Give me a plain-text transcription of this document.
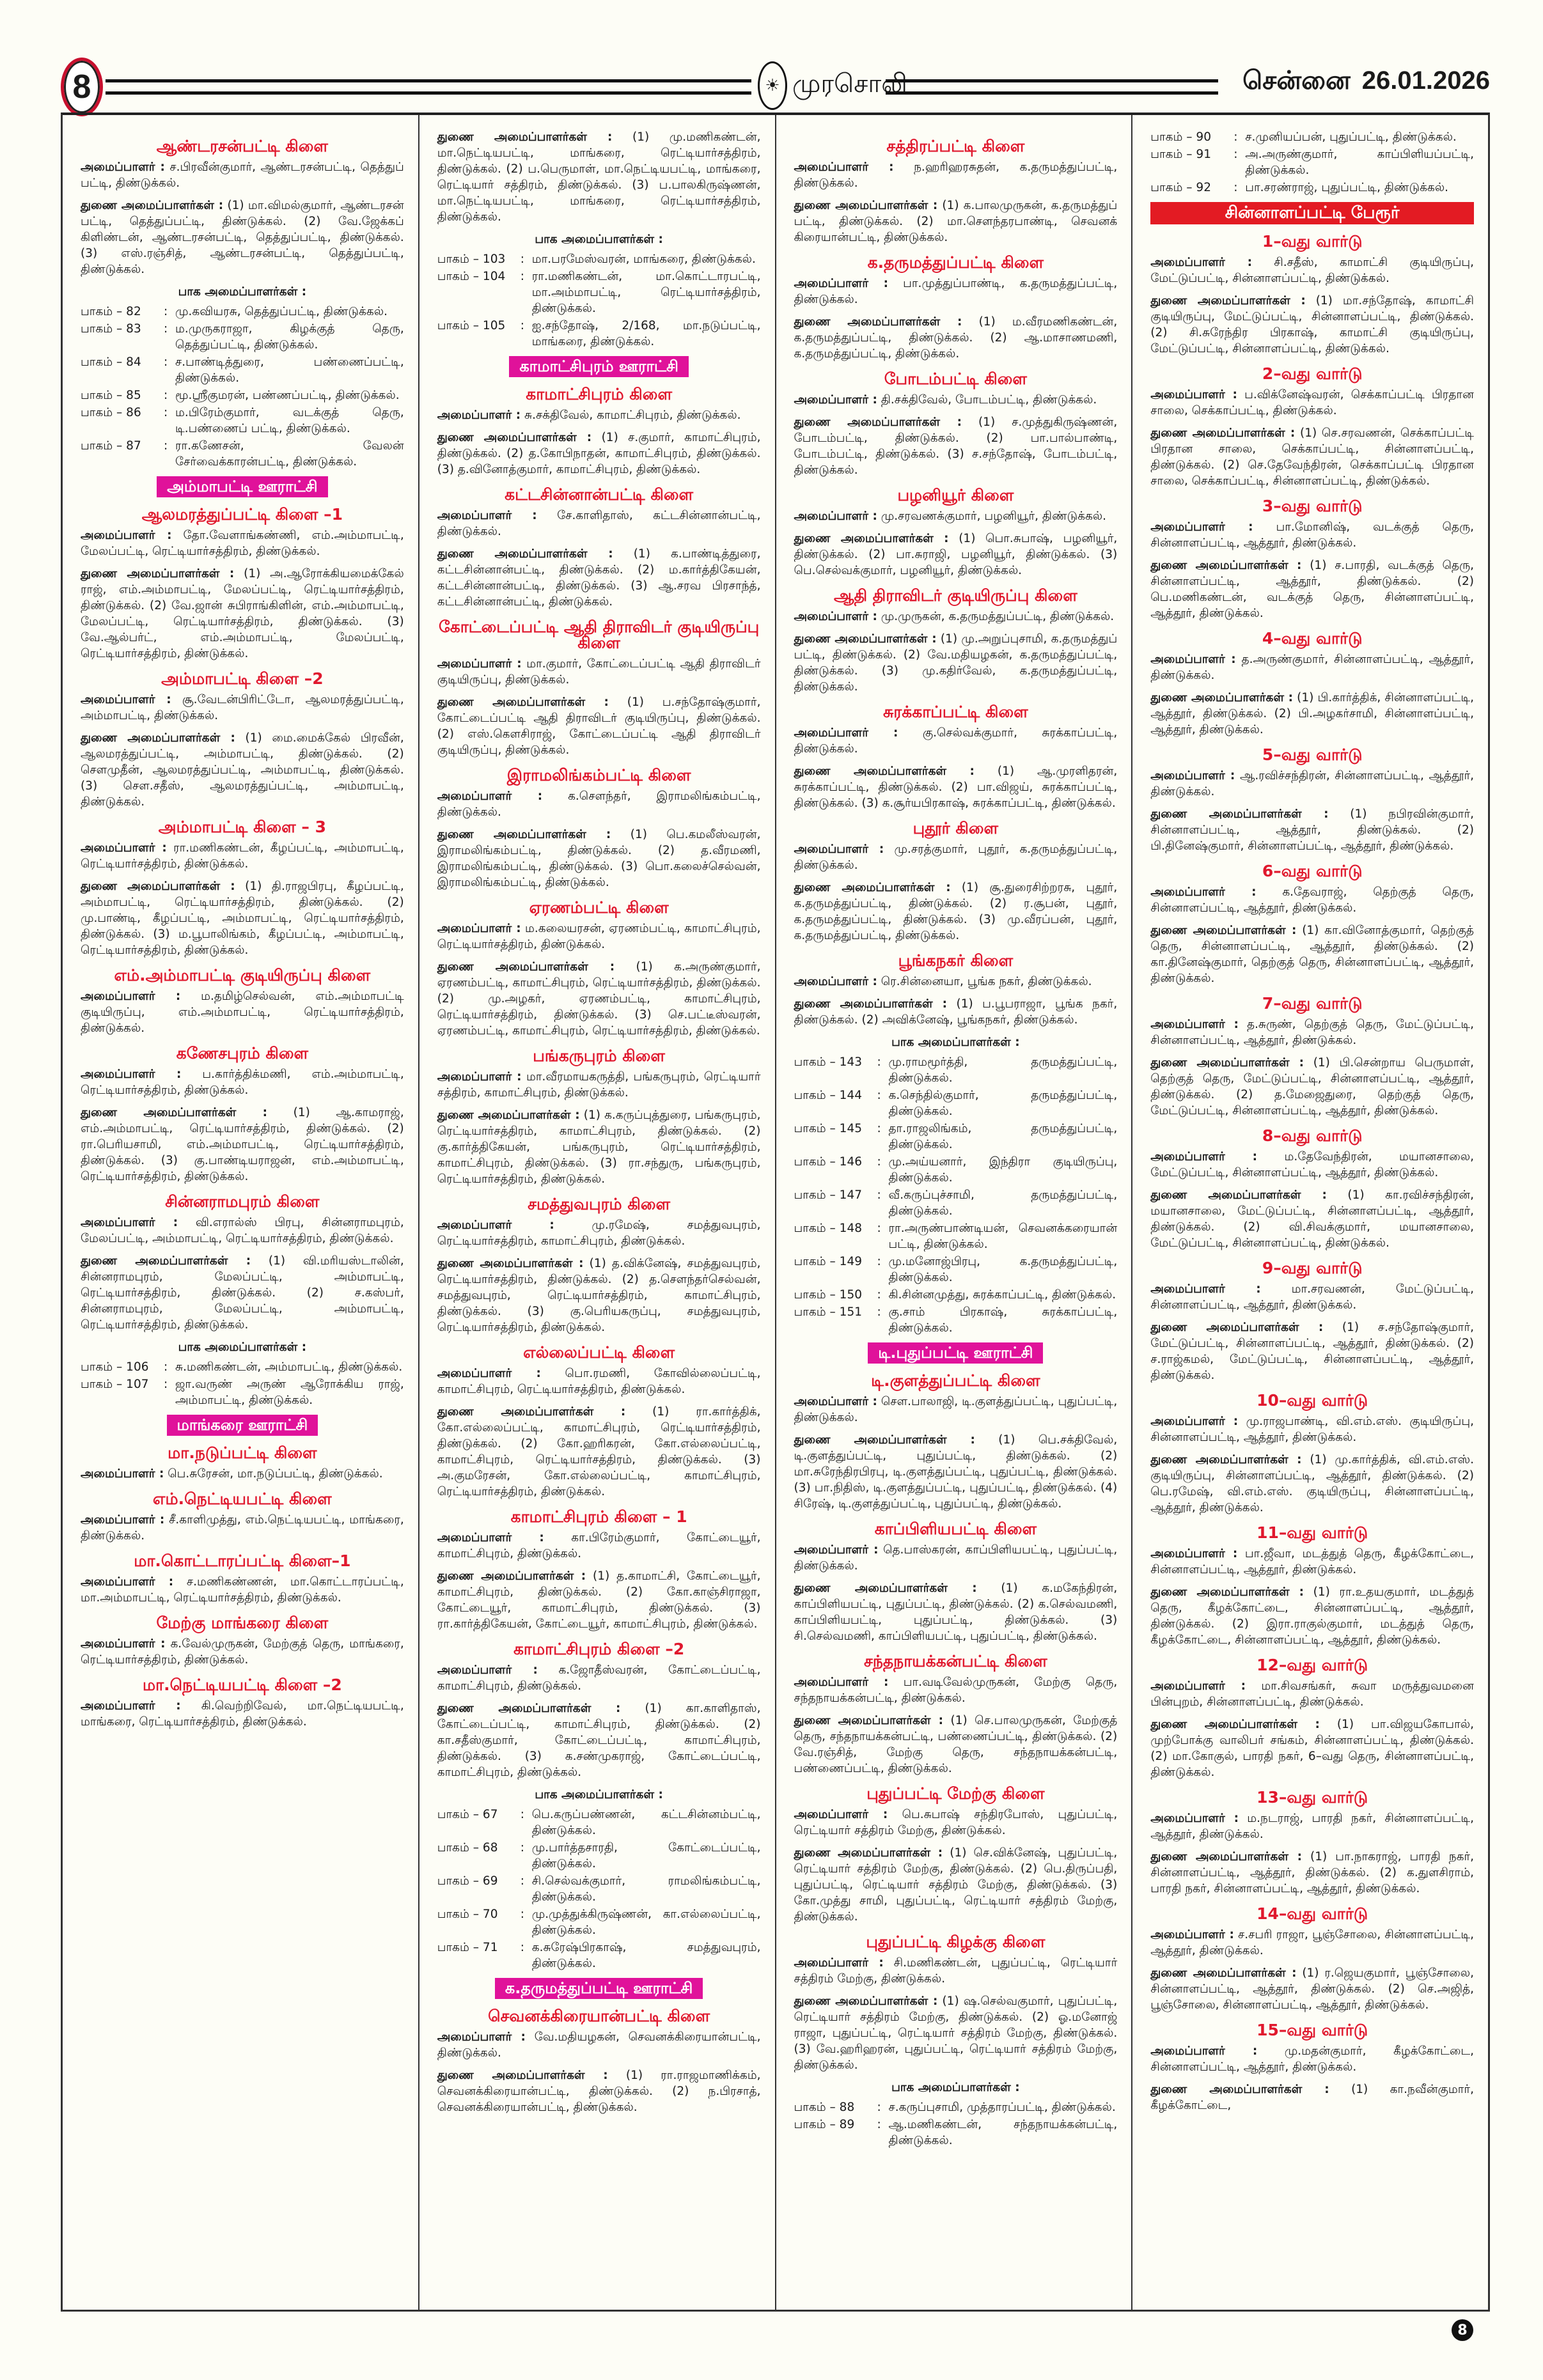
8	☀ முரசொலி	சென்னை 26.01.2026
ஆண்டரசன்பட்டி கிளை
அமைப்பாளர் : ச.பிரவீன்குமார், ஆண்டரசன்பட்டி, தெத்துப் பட்டி, திண்டுக்கல்.
துணை அமைப்பாளர்கள் : (1) மா.விமல்குமார், ஆண்டரசன் பட்டி, தெத்துப்பட்டி, திண்டுக்கல். (2) வே.ஜேக்கப் கிளிண்டன், ஆண்டரசன்பட்டி, தெத்துப்பட்டி, திண்டுக்கல். (3) எஸ்.ரஞ்சித், ஆண்டரசன்பட்டி, தெத்துப்பட்டி, திண்டுக்கல்.
பாக அமைப்பாளர்கள் :
பாகம் – 82	: மு.கவியரசு, தெத்துப்பட்டி, திண்டுக்கல்.
பாகம் – 83	: ம.முருகராஜா, கிழக்குத் தெரு, தெத்துப்பட்டி, திண்டுக்கல்.
பாகம் – 84	: ச.பாண்டித்துரை, பண்ணைப்பட்டி, திண்டுக்கல்.
பாகம் – 85	: மூ.ஸ்ரீகுமரன், பண்ணப்பட்டி, திண்டுக்கல்.
பாகம் – 86	: ம.பிரேம்குமார், வடக்குத் தெரு, டி.பண்ணைப் பட்டி, திண்டுக்கல்.
பாகம் – 87	: ரா.கணேசன், வேலன் சேர்வைக்காரன்பட்டி, திண்டுக்கல்.
அம்மாபட்டி ஊராட்சி
ஆலமரத்துப்பட்டி கிளை –1
அமைப்பாளர் : தோ.வேளாங்கண்ணி, எம்.அம்மாபட்டி, மேலப்பட்டி, ரெட்டியார்சத்திரம், திண்டுக்கல்.
துணை அமைப்பாளர்கள் : (1) அ.ஆரோக்கியமைக்கேல் ராஜ், எம்.அம்மாபட்டி, மேலப்பட்டி, ரெட்டியார்சத்திரம், திண்டுக்கல். (2) வே.ஜான் சுபிராங்கிளின், எம்.அம்மாபட்டி, மேலப்பட்டி, ரெட்டியார்சத்திரம், திண்டுக்கல். (3) வே.ஆல்பர்ட், எம்.அம்மாபட்டி, மேலப்பட்டி, ரெட்டியார்சத்திரம், திண்டுக்கல்.
அம்மாபட்டி கிளை –2
அமைப்பாளர் : சூ.வேடன்பிரிட்டோ, ஆலமரத்துப்பட்டி, அம்மாபட்டி, திண்டுக்கல்.
துணை அமைப்பாளர்கள் : (1) மை.மைக்கேல் பிரவீன், ஆலமரத்துப்பட்டி, அம்மாபட்டி, திண்டுக்கல். (2) சௌமுதீன், ஆலமரத்துப்பட்டி, அம்மாபட்டி, திண்டுக்கல். (3) சௌ.சதீஸ், ஆலமரத்துப்பட்டி, அம்மாபட்டி, திண்டுக்கல்.
அம்மாபட்டி கிளை – 3
அமைப்பாளர் : ரா.மணிகண்டன், கீழப்பட்டி, அம்மாபட்டி, ரெட்டியார்சத்திரம், திண்டுக்கல்.
துணை அமைப்பாளர்கள் : (1) தி.ராஜபிரபு, கீழப்பட்டி, அம்மாபட்டி, ரெட்டியார்சத்திரம், திண்டுக்கல். (2) மு.பாண்டி, கீழப்பட்டி, அம்மாபட்டி, ரெட்டியார்சத்திரம், திண்டுக்கல். (3) ம.பூபாலிங்கம், கீழப்பட்டி, அம்மாபட்டி, ரெட்டியார்சத்திரம், திண்டுக்கல்.
எம்.அம்மாபட்டி குடியிருப்பு கிளை
அமைப்பாளர் : ம.தமிழ்செல்வன், எம்.அம்மாபட்டி குடியிருப்பு, எம்.அம்மாபட்டி, ரெட்டியார்சத்திரம், திண்டுக்கல்.
கணேசபுரம் கிளை
அமைப்பாளர் : ப.கார்த்திக்மணி, எம்.அம்மாபட்டி, ரெட்டியார்சத்திரம், திண்டுக்கல்.
துணை அமைப்பாளர்கள் : (1) ஆ.காமராஜ், எம்.அம்மாபட்டி, ரெட்டியார்சத்திரம், திண்டுக்கல். (2) ரா.பெரியசாமி, எம்.அம்மாபட்டி, ரெட்டியார்சத்திரம், திண்டுக்கல். (3) கு.பாண்டியராஜன், எம்.அம்மாபட்டி, ரெட்டியார்சத்திரம், திண்டுக்கல்.
சின்னராமபுரம் கிளை
அமைப்பாளர் : வி.எரால்ஸ் பிரபு, சின்னராமபுரம், மேலப்பட்டி, அம்மாபட்டி, ரெட்டியார்சத்திரம், திண்டுக்கல்.
துணை அமைப்பாளர்கள் : (1) வி.மரியஸ்டாலின், சின்னராமபுரம், மேலப்பட்டி, அம்மாபட்டி, ரெட்டியார்சத்திரம், திண்டுக்கல். (2) ச.கஸ்பர், சின்னராமபுரம், மேலப்பட்டி, அம்மாபட்டி, ரெட்டியார்சத்திரம், திண்டுக்கல்.
பாக அமைப்பாளர்கள் :
பாகம் – 106	: சு.மணிகண்டன், அம்மாபட்டி, திண்டுக்கல்.
பாகம் – 107	: ஜா.வருண் அருண் ஆரோக்கிய ராஜ், அம்மாபட்டி, திண்டுக்கல்.
மாங்கரை ஊராட்சி
மா.நடுப்பட்டி கிளை
அமைப்பாளர் : பெ.சுரேசன், மா.நடுப்பட்டி, திண்டுக்கல்.
எம்.நெட்டியபட்டி கிளை
அமைப்பாளர் : சீ.காளிமுத்து, எம்.நெட்டியபட்டி, மாங்கரை, திண்டுக்கல்.
மா.கொட்டாரப்பட்டி கிளை–1
அமைப்பாளர் : ச.மணிகண்ணன், மா.கொட்டாரப்பட்டி, மா.அம்மாபட்டி, ரெட்டியார்சத்திரம், திண்டுக்கல்.
மேற்கு மாங்கரை கிளை
அமைப்பாளர் : க.வேல்முருகன், மேற்குத் தெரு, மாங்கரை, ரெட்டியார்சத்திரம், திண்டுக்கல்.
மா.நெட்டியபட்டி கிளை –2
அமைப்பாளர் : கி.வெற்றிவேல், மா.நெட்டியபட்டி, மாங்கரை, ரெட்டியார்சத்திரம், திண்டுக்கல்.
துணை அமைப்பாளர்கள் : (1) மு.மணிகண்டன், மா.நெட்டியபட்டி, மாங்கரை, ரெட்டியார்சத்திரம், திண்டுக்கல். (2) ப.பெருமாள், மா.நெட்டியபட்டி, மாங்கரை, ரெட்டியார் சத்திரம், திண்டுக்கல். (3) ப.பாலகிருஷ்ணன், மா.நெட்டியபட்டி, மாங்கரை, ரெட்டியார்சத்திரம், திண்டுக்கல்.
பாக அமைப்பாளர்கள் :
பாகம் – 103	: மா.பரமேஸ்வரன், மாங்கரை, திண்டுக்கல்.
பாகம் – 104	: ரா.மணிகண்டன், மா.கொட்டாரபட்டி, மா.அம்மாபட்டி, ரெட்டியார்சத்திரம், திண்டுக்கல்.
பாகம் – 105	: ஐ.சந்தோஷ், 2/168, மா.நடுப்பட்டி, மாங்கரை, திண்டுக்கல்.
காமாட்சிபுரம் ஊராட்சி
காமாட்சிபுரம் கிளை
அமைப்பாளர் : சு.சக்திவேல், காமாட்சிபுரம், திண்டுக்கல்.
துணை அமைப்பாளர்கள் : (1) ச.குமார், காமாட்சிபுரம், திண்டுக்கல். (2) த.கோபிநாதன், காமாட்சிபுரம், திண்டுக்கல். (3) த.வினோத்குமார், காமாட்சிபுரம், திண்டுக்கல்.
கட்டசின்னான்பட்டி கிளை
அமைப்பாளர் : சே.காளிதாஸ், கட்டசின்னான்பட்டி, திண்டுக்கல்.
துணை அமைப்பாளர்கள் : (1) க.பாண்டித்துரை, கட்டசின்னான்பட்டி, திண்டுக்கல். (2) ம.கார்த்திகேயன், கட்டசின்னான்பட்டி, திண்டுக்கல். (3) ஆ.சரவ பிரசாந்த், கட்டசின்னான்பட்டி, திண்டுக்கல்.
கோட்டைப்பட்டி ஆதி திராவிடர் குடியிருப்பு கிளை
அமைப்பாளர் : மா.குமார், கோட்டைப்பட்டி ஆதி திராவிடர் குடியிருப்பு, திண்டுக்கல்.
துணை அமைப்பாளர்கள் : (1) ப.சந்தோஷ்குமார், கோட்டைப்பட்டி ஆதி திராவிடர் குடியிருப்பு, திண்டுக்கல். (2) எஸ்.கௌசிராஜ், கோட்டைப்பட்டி ஆதி திராவிடர் குடியிருப்பு, திண்டுக்கல்.
இராமலிங்கம்பட்டி கிளை
அமைப்பாளர் : க.சௌந்தர், இராமலிங்கம்பட்டி, திண்டுக்கல்.
துணை அமைப்பாளர்கள் : (1) பெ.கமலீஸ்வரன், இராமலிங்கம்பட்டி, திண்டுக்கல். (2) த.வீரமணி, இராமலிங்கம்பட்டி, திண்டுக்கல். (3) பொ.கலைச்செல்வன், இராமலிங்கம்பட்டி, திண்டுக்கல்.
ஏரணம்பட்டி கிளை
அமைப்பாளர் : ம.கலையரசன், ஏரணம்பட்டி, காமாட்சிபுரம், ரெட்டியார்சத்திரம், திண்டுக்கல்.
துணை அமைப்பாளர்கள் : (1) க.அருண்குமார், ஏரணம்பட்டி, காமாட்சிபுரம், ரெட்டியார்சத்திரம், திண்டுக்கல். (2) மு.அழகர், ஏரணம்பட்டி, காமாட்சிபுரம், ரெட்டியார்சத்திரம், திண்டுக்கல். (3) செ.பட்டீஸ்வரன், ஏரணம்பட்டி, காமாட்சிபுரம், ரெட்டியார்சத்திரம், திண்டுக்கல்.
பங்கருபுரம் கிளை
அமைப்பாளர் : மா.வீரமாயகருத்தி, பங்கருபுரம், ரெட்டியார் சத்திரம், காமாட்சிபுரம், திண்டுக்கல்.
துணை அமைப்பாளர்கள் : (1) க.கருப்புத்துரை, பங்கருபுரம், ரெட்டியார்சத்திரம், காமாட்சிபுரம், திண்டுக்கல். (2) கு.கார்த்திகேயன், பங்கருபுரம், ரெட்டியார்சத்திரம், காமாட்சிபுரம், திண்டுக்கல். (3) ரா.சந்துரு, பங்கருபுரம், ரெட்டியார்சத்திரம், திண்டுக்கல்.
சமத்துவபுரம் கிளை
அமைப்பாளர் :	மு.ரமேஷ், சமத்துவபுரம், ரெட்டியார்சத்திரம், காமாட்சிபுரம், திண்டுக்கல்.
துணை அமைப்பாளர்கள் : (1) த.விக்னேஷ், சமத்துவபுரம், ரெட்டியார்சத்திரம், திண்டுக்கல். (2) த.சௌந்தர்செல்வன், சமத்துவபுரம், ரெட்டியார்சத்திரம், காமாட்சிபுரம், திண்டுக்கல். (3) கு.பெரியகருப்பு, சமத்துவபுரம், ரெட்டியார்சத்திரம், திண்டுக்கல்.
எல்லைப்பட்டி கிளை
அமைப்பாளர் : பொ.ரமணி, கோவில்லைப்பட்டி, காமாட்சிபுரம், ரெட்டியார்சத்திரம், திண்டுக்கல்.
துணை அமைப்பாளர்கள் : (1) ரா.கார்த்திக், கோ.எல்லைப்பட்டி, காமாட்சிபுரம், ரெட்டியார்சத்திரம், திண்டுக்கல். (2) கோ.ஹரிகரன், கோ.எல்லைப்பட்டி, காமாட்சிபுரம், ரெட்டியார்சத்திரம், திண்டுக்கல். (3) அ.குமரேசன், கோ.எல்லைப்பட்டி, காமாட்சிபுரம், ரெட்டியார்சத்திரம், திண்டுக்கல்.
காமாட்சிபுரம் கிளை – 1
அமைப்பாளர் : கா.பிரேம்குமார், கோட்டையூர், காமாட்சிபுரம், திண்டுக்கல்.
துணை அமைப்பாளர்கள் : (1) த.காமாட்சி, கோட்டையூர், காமாட்சிபுரம், திண்டுக்கல். (2) கோ.காஞ்சிராஜா, கோட்டையூர், காமாட்சிபுரம், திண்டுக்கல். (3) ரா.கார்த்திகேயன், கோட்டையூர், காமாட்சிபுரம், திண்டுக்கல்.
காமாட்சிபுரம் கிளை –2
அமைப்பாளர் : க.ஜோதீஸ்வரன், கோட்டைப்பட்டி, காமாட்சிபுரம், திண்டுக்கல்.
துணை அமைப்பாளர்கள் : (1) கா.காளிதாஸ், கோட்டைப்பட்டி, காமாட்சிபுரம், திண்டுக்கல். (2) கா.சதீஸ்குமார், கோட்டைப்பட்டி, காமாட்சிபுரம், திண்டுக்கல். (3) க.சண்முகராஜ், கோட்டைப்பட்டி, காமாட்சிபுரம், திண்டுக்கல்.
பாக அமைப்பாளர்கள் :
பாகம் – 67	: பெ.கருப்பண்ணன், கட்டசின்னம்பட்டி, திண்டுக்கல்.
பாகம் – 68	: மு.பார்த்தசாரதி, கோட்டைப்பட்டி, திண்டுக்கல்.
பாகம் – 69	: சி.செல்வக்குமார், ராமலிங்கம்பட்டி, திண்டுக்கல்.
பாகம் – 70	: மு.முத்துக்கிருஷ்ணன், கா.எல்லைப்பட்டி, திண்டுக்கல்.
பாகம் – 71	: க.சுரேஷ்பிரகாஷ், சமத்துவபுரம், திண்டுக்கல்.
க.தருமத்துப்பட்டி ஊராட்சி
செவனக்கிரையான்பட்டி கிளை
அமைப்பாளர் : வே.மதியழகன், செவனக்கிரையான்பட்டி, திண்டுக்கல்.
துணை அமைப்பாளர்கள் : (1) ரா.ராஜமாணிக்கம், செவனக்கிரையான்பட்டி, திண்டுக்கல். (2) ந.பிரசாத், செவனக்கிரையான்பட்டி, திண்டுக்கல்.
சத்திரப்பட்டி கிளை
அமைப்பாளர் : ந.ஹரிஹரசுதன், க.தருமத்துப்பட்டி, திண்டுக்கல்.
துணை அமைப்பாளர்கள் : (1) க.பாலமுருகன், க.தருமத்துப் பட்டி, திண்டுக்கல். (2) மா.சௌந்தரபாண்டி, செவனக் கிரையான்பட்டி, திண்டுக்கல்.
க.தருமத்துப்பட்டி கிளை
அமைப்பாளர் : பா.முத்துப்பாண்டி, க.தருமத்துப்பட்டி, திண்டுக்கல்.
துணை அமைப்பாளர்கள் : (1) ம.வீரமணிகண்டன், க.தருமத்துப்பட்டி, திண்டுக்கல். (2) ஆ.மாசாணமணி, க.தருமத்துப்பட்டி, திண்டுக்கல்.
போடம்பட்டி கிளை
அமைப்பாளர் : தி.சக்திவேல், போடம்பட்டி, திண்டுக்கல்.
துணை அமைப்பாளர்கள் : (1) ச.முத்துகிருஷ்ணன், போடம்பட்டி, திண்டுக்கல். (2) பா.பால்பாண்டி, போடம்பட்டி, திண்டுக்கல். (3) ச.சந்தோஷ், போடம்பட்டி, திண்டுக்கல்.
பழனியூர் கிளை
அமைப்பாளர் : மு.சரவணக்குமார், பழனியூர், திண்டுக்கல்.
துணை அமைப்பாளர்கள் : (1) பொ.சுபாஷ், பழனியூர், திண்டுக்கல். (2) பா.சுராஜி, பழனியூர், திண்டுக்கல். (3) பெ.செல்வக்குமார், பழனியூர், திண்டுக்கல்.
ஆதி திராவிடர் குடியிருப்பு கிளை
அமைப்பாளர் : மு.முருகன், க.தருமத்துப்பட்டி, திண்டுக்கல்.
துணை அமைப்பாளர்கள் : (1) மு.அறுப்புசாமி, க.தருமத்துப் பட்டி, திண்டுக்கல். (2) வே.மதியழகன், க.தருமத்துப்பட்டி, திண்டுக்கல். (3) மு.கதிர்வேல், க.தருமத்துப்பட்டி, திண்டுக்கல்.
சுரக்காப்பட்டி கிளை
அமைப்பாளர் : கு.செல்வக்குமார், சுரக்காப்பட்டி, திண்டுக்கல்.
துணை அமைப்பாளர்கள் : (1) ஆ.முரளிதரன், சுரக்காப்பட்டி, திண்டுக்கல். (2) பா.விஜய், சுரக்காப்பட்டி, திண்டுக்கல். (3) க.சூர்யபிரகாஷ், சுரக்காப்பட்டி, திண்டுக்கல்.
புதூர் கிளை
அமைப்பாளர் : மு.சரத்குமார், புதூர், க.தருமத்துப்பட்டி, திண்டுக்கல்.
துணை அமைப்பாளர்கள் : (1) சூ.துரைசிற்றரசு, புதூர், க.தருமத்துப்பட்டி, திண்டுக்கல். (2) ர.சூபன், புதூர், க.தருமத்துப்பட்டி, திண்டுக்கல். (3) மு.வீரப்பன், புதூர், க.தருமத்துப்பட்டி, திண்டுக்கல்.
பூங்கநகர் கிளை
அமைப்பாளர் : ரெ.சின்னையா, பூங்க நகர், திண்டுக்கல்.
துணை அமைப்பாளர்கள் : (1) ப.பூபராஜா, பூங்க நகர், திண்டுக்கல். (2) அவிக்னேஷ், பூங்கநகர், திண்டுக்கல்.
பாக அமைப்பாளர்கள் :
பாகம் – 143	: மு.ராமமூர்த்தி, தருமத்துப்பட்டி, திண்டுக்கல்.
பாகம் – 144	: க.செந்தில்குமார், தருமத்துப்பட்டி, திண்டுக்கல்.
பாகம் – 145	: தா.ராஜலிங்கம், தருமத்துப்பட்டி, திண்டுக்கல்.
பாகம் – 146	: மு.அய்யனார், இந்திரா குடியிருப்பு, திண்டுக்கல்.
பாகம் – 147	: வீ.கருப்புச்சாமி, தருமத்துப்பட்டி, திண்டுக்கல்.
பாகம் – 148	: ரா.அருண்பாண்டியன், செவனக்கரையான் பட்டி, திண்டுக்கல்.
பாகம் – 149	: மு.மனோஜ்பிரபு, க.தருமத்துப்பட்டி, திண்டுக்கல்.
பாகம் – 150	: கி.சின்னமுத்து, சுரக்காப்பட்டி, திண்டுக்கல்.
பாகம் – 151	: கு.சாம் பிரகாஷ், சுரக்காப்பட்டி, திண்டுக்கல்.
டி.புதுப்பட்டி ஊராட்சி
டி.குளத்துப்பட்டி கிளை
அமைப்பாளர் : சௌ.பாலாஜி, டி.குளத்துப்பட்டி, புதுப்பட்டி, திண்டுக்கல்.
துணை அமைப்பாளர்கள் : (1) பெ.சக்திவேல், டி.குளத்துப்பட்டி, புதுப்பட்டி, திண்டுக்கல். (2) மா.சுரேந்திரபிரபு, டி.குளத்துப்பட்டி, புதுப்பட்டி, திண்டுக்கல். (3) பா.நிதிஸ், டி.குளத்துப்பட்டி, புதுப்பட்டி, திண்டுக்கல். (4) சிரேஷ், டி.குளத்துப்பட்டி, புதுப்பட்டி, திண்டுக்கல்.
காப்பிளியபட்டி கிளை
அமைப்பாளர் : தெ.பாஸ்கரன், காப்பிளியபட்டி, புதுப்பட்டி, திண்டுக்கல்.
துணை அமைப்பாளர்கள் : (1) க.மகேந்திரன், காப்பிளியபட்டி, புதுப்பட்டி, திண்டுக்கல். (2) க.செல்வமணி, காப்பிளியபட்டி, புதுப்பட்டி, திண்டுக்கல். (3) சி.செல்வமணி, காப்பிளியபட்டி, புதுப்பட்டி, திண்டுக்கல்.
சந்தநாயக்கன்பட்டி கிளை
அமைப்பாளர் : பா.வடிவேல்முருகன், மேற்கு தெரு, சந்தநாயக்கன்பட்டி, திண்டுக்கல்.
துணை அமைப்பாளர்கள் : (1) செ.பாலமுருகன், மேற்குத் தெரு, சந்தநாயக்கன்பட்டி, பண்ணைப்பட்டி, திண்டுக்கல். (2) வே.ரஞ்சித், மேற்கு தெரு, சந்தநாயக்கன்பட்டி, பண்ணைப்பட்டி, திண்டுக்கல்.
புதுப்பட்டி மேற்கு கிளை
அமைப்பாளர் : பெ.சுபாஷ் சந்திரபோஸ், புதுப்பட்டி, ரெட்டியார் சத்திரம் மேற்கு, திண்டுக்கல்.
துணை அமைப்பாளர்கள் : (1) செ.விக்னேஷ், புதுப்பட்டி, ரெட்டியார் சத்திரம் மேற்கு, திண்டுக்கல். (2) பெ.திருப்பதி, புதுப்பட்டி, ரெட்டியார் சத்திரம் மேற்கு, திண்டுக்கல். (3) கோ.முத்து சாமி, புதுப்பட்டி, ரெட்டியார் சத்திரம் மேற்கு, திண்டுக்கல்.
புதுப்பட்டி கிழக்கு கிளை
அமைப்பாளர் : சி.மணிகண்டன், புதுப்பட்டி, ரெட்டியார் சத்திரம் மேற்கு, திண்டுக்கல்.
துணை அமைப்பாளர்கள் : (1) ஷ.செல்வகுமார், புதுப்பட்டி, ரெட்டியார் சத்திரம் மேற்கு, திண்டுக்கல். (2) ஓ.மனோஜ் ராஜா, புதுப்பட்டி, ரெட்டியார் சத்திரம் மேற்கு, திண்டுக்கல். (3) வே.ஹரிஹரன், புதுப்பட்டி, ரெட்டியார் சத்திரம் மேற்கு, திண்டுக்கல்.
பாக அமைப்பாளர்கள் :
பாகம் – 88	: ச.கருப்புசாமி, முத்தாரப்பட்டி, திண்டுக்கல்.
பாகம் – 89	: ஆ.மணிகண்டன், சந்தநாயக்கன்பட்டி, திண்டுக்கல்.
பாகம் – 90	: ச.முனியப்பன், புதுப்பட்டி, திண்டுக்கல்.
பாகம் – 91	: அ.அருண்குமார், காப்பிளியப்பட்டி, திண்டுக்கல்.
பாகம் – 92	: பா.சரண்ராஜ், புதுப்பட்டி, திண்டுக்கல்.
சின்னாளப்பட்டி பேரூர்
1–வது வார்டு
அமைப்பாளர் : சி.சதீஸ், காமாட்சி குடியிருப்பு, மேட்டுப்பட்டி, சின்னாளப்பட்டி, திண்டுக்கல்.
துணை அமைப்பாளர்கள் : (1) மா.சந்தோஷ், காமாட்சி குடியிருப்பு, மேட்டுப்பட்டி, சின்னாளப்பட்டி, திண்டுக்கல். (2) சி.சுரேந்திர பிரகாஷ், காமாட்சி குடியிருப்பு, மேட்டுப்பட்டி, சின்னாளப்பட்டி, திண்டுக்கல்.
2–வது வார்டு
அமைப்பாளர் : ப.விக்னேஷ்வரன், செக்காப்பட்டி பிரதான சாலை, செக்காப்பட்டி, திண்டுக்கல்.
துணை அமைப்பாளர்கள் : (1) செ.சரவணன், செக்காப்பட்டி பிரதான சாலை, செக்காப்பட்டி, சின்னாளப்பட்டி, திண்டுக்கல். (2) செ.தேவேந்திரன், செக்காப்பட்டி பிரதான சாலை, செக்காப்பட்டி, சின்னாளப்பட்டி, திண்டுக்கல்.
3–வது வார்டு
அமைப்பாளர் : பா.மோனிஷ், வடக்குத் தெரு, சின்னாளப்பட்டி, ஆத்தூர், திண்டுக்கல்.
துணை அமைப்பாளர்கள் : (1) ச.பாரதி, வடக்குத் தெரு, சின்னாளப்பட்டி, ஆத்தூர், திண்டுக்கல். (2) பெ.மணிகண்டன், வடக்குத் தெரு, சின்னாளப்பட்டி, ஆத்தூர், திண்டுக்கல்.
4–வது வார்டு
அமைப்பாளர் : த.அருண்குமார், சின்னாளப்பட்டி, ஆத்தூர், திண்டுக்கல்.
துணை அமைப்பாளர்கள் : (1) பி.கார்த்திக், சின்னாளப்பட்டி, ஆத்தூர், திண்டுக்கல். (2) பி.அழகர்சாமி, சின்னாளப்பட்டி, ஆத்தூர், திண்டுக்கல்.
5–வது வார்டு
அமைப்பாளர் : ஆ.ரவிச்சந்திரன், சின்னாளப்பட்டி, ஆத்தூர், திண்டுக்கல்.
துணை அமைப்பாளர்கள் : (1) நபிரவின்குமார், சின்னாளப்பட்டி, ஆத்தூர், திண்டுக்கல். (2) பி.தினேஷ்குமார், சின்னாளப்பட்டி, ஆத்தூர், திண்டுக்கல்.
6–வது வார்டு
அமைப்பாளர் : க.தேவராஜ், தெற்குத் தெரு, சின்னாளப்பட்டி, ஆத்தூர், திண்டுக்கல்.
துணை அமைப்பாளர்கள் : (1) கா.வினோத்குமார், தெற்குத் தெரு, சின்னாளப்பட்டி, ஆத்தூர், திண்டுக்கல். (2) கா.தினேஷ்குமார், தெற்குத் தெரு, சின்னாளப்பட்டி, ஆத்தூர், திண்டுக்கல்.
7–வது வார்டு
அமைப்பாளர் : த.சுருண், தெற்குத் தெரு, மேட்டுப்பட்டி, சின்னாளப்பட்டி, ஆத்தூர், திண்டுக்கல்.
துணை அமைப்பாளர்கள் : (1) பி.சென்றாய பெருமாள், தெற்குத் தெரு, மேட்டுப்பட்டி, சின்னாளப்பட்டி, ஆத்தூர், திண்டுக்கல். (2) த.மேஜைதுரை, தெற்குத் தெரு, மேட்டுப்பட்டி, சின்னாளப்பட்டி, ஆத்தூர், திண்டுக்கல்.
8–வது வார்டு
அமைப்பாளர் : ம.தேவேந்திரன், மயானசாலை, மேட்டுப்பட்டி, சின்னாளப்பட்டி, ஆத்தூர், திண்டுக்கல்.
துணை அமைப்பாளர்கள் : (1) கா.ரவிச்சந்திரன், மயானசாலை, மேட்டுப்பட்டி, சின்னாளப்பட்டி, ஆத்தூர், திண்டுக்கல். (2) வி.சிவக்குமார், மயானசாலை, மேட்டுப்பட்டி, சின்னாளப்பட்டி, திண்டுக்கல்.
9–வது வார்டு
அமைப்பாளர் :	மா.சரவணன், மேட்டுப்பட்டி, சின்னாளப்பட்டி, ஆத்தூர், திண்டுக்கல்.
துணை அமைப்பாளர்கள் : (1) ச.சந்தோஷ்குமார், மேட்டுப்பட்டி, சின்னாளப்பட்டி, ஆத்தூர், திண்டுக்கல். (2) ச.ராஜ்கமல், மேட்டுப்பட்டி, சின்னாளப்பட்டி, ஆத்தூர், திண்டுக்கல்.
10–வது வார்டு
அமைப்பாளர் : மு.ராஜபாண்டி, வி.எம்.எஸ். குடியிருப்பு, சின்னாளப்பட்டி, ஆத்தூர், திண்டுக்கல்.
துணை அமைப்பாளர்கள் : (1) மு.கார்த்திக், வி.எம்.எஸ். குடியிருப்பு, சின்னாளப்பட்டி, ஆத்தூர், திண்டுக்கல். (2) பெ.ரமேஷ், வி.எம்.எஸ். குடியிருப்பு, சின்னாளப்பட்டி, ஆத்தூர், திண்டுக்கல்.
11–வது வார்டு
அமைப்பாளர் : பா.ஜீவா, மடத்துத் தெரு, கீழக்கோட்டை, சின்னாளப்பட்டி, ஆத்தூர், திண்டுக்கல்.
துணை அமைப்பாளர்கள் : (1) ரா.உதயகுமார், மடத்துத் தெரு, கீழக்கோட்டை, சின்னாளப்பட்டி, ஆத்தூர், திண்டுக்கல். (2) இரா.ராகுல்குமார், மடத்துத் தெரு, கீழக்கோட்டை, சின்னாளப்பட்டி, ஆத்தூர், திண்டுக்கல்.
12–வது வார்டு
அமைப்பாளர் : மா.சிவசங்கர், சுவா மருத்துவமனை பின்புறம், சின்னாளப்பட்டி, திண்டுக்கல்.
துணை அமைப்பாளர்கள் : (1) பா.விஜயகோபால், முற்போக்கு வாலிபர் சங்கம், சின்னாளப்பட்டி, திண்டுக்கல். (2) மா.கோகுல், பாரதி நகர், 6–வது தெரு, சின்னாளப்பட்டி, திண்டுக்கல்.
13–வது வார்டு
அமைப்பாளர் : ம.நடராஜ், பாரதி நகர், சின்னாளப்பட்டி, ஆத்தூர், திண்டுக்கல்.
துணை அமைப்பாளர்கள் : (1) பா.நாகராஜ், பாரதி நகர், சின்னாளப்பட்டி, ஆத்தூர், திண்டுக்கல். (2) க.துளசிராம், பாரதி நகர், சின்னாளப்பட்டி, ஆத்தூர், திண்டுக்கல்.
14–வது வார்டு
அமைப்பாளர் : ச.சபரி ராஜா, பூஞ்சோலை, சின்னாளப்பட்டி, ஆத்தூர், திண்டுக்கல்.
துணை அமைப்பாளர்கள் : (1) ர.ஜெயகுமார், பூஞ்சோலை, சின்னாளப்பட்டி, ஆத்தூர், திண்டுக்கல். (2) செ.அஜித், பூஞ்சோலை, சின்னாளப்பட்டி, ஆத்தூர், திண்டுக்கல்.
15–வது வார்டு
அமைப்பாளர் : மு.மதன்குமார், கீழக்கோட்டை, சின்னாளப்பட்டி, ஆத்தூர், திண்டுக்கல்.
துணை அமைப்பாளர்கள் : (1) கா.நவீன்குமார், கீழக்கோட்டை,
8
